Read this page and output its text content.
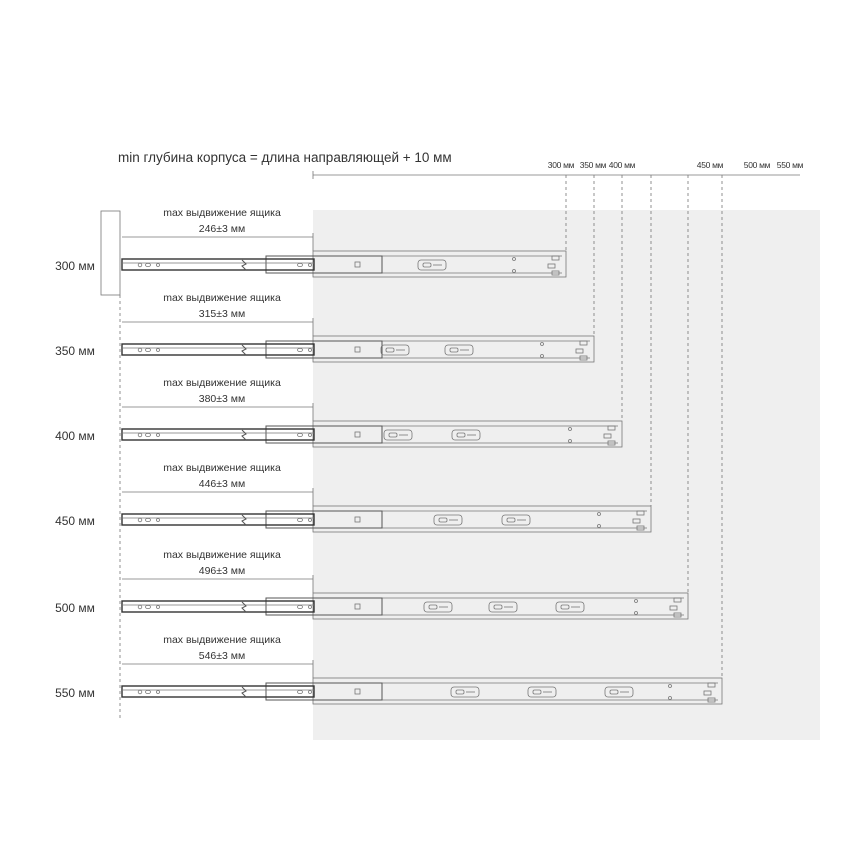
min глубина корпуса = длина направляющей + 10 мм	300 мм 350 мм 400 мм	450 мм 500 мм 550 мм
300 мм
max выдвижение ящика
246±3 мм
350 мм
max выдвижение ящика
315±3 мм
400 мм
max выдвижение ящика
380±3 мм
450 мм
max выдвижение ящика
446±3 мм
500 мм
max выдвижение ящика
496±3 мм
550 мм
max выдвижение ящика
546±3 мм
